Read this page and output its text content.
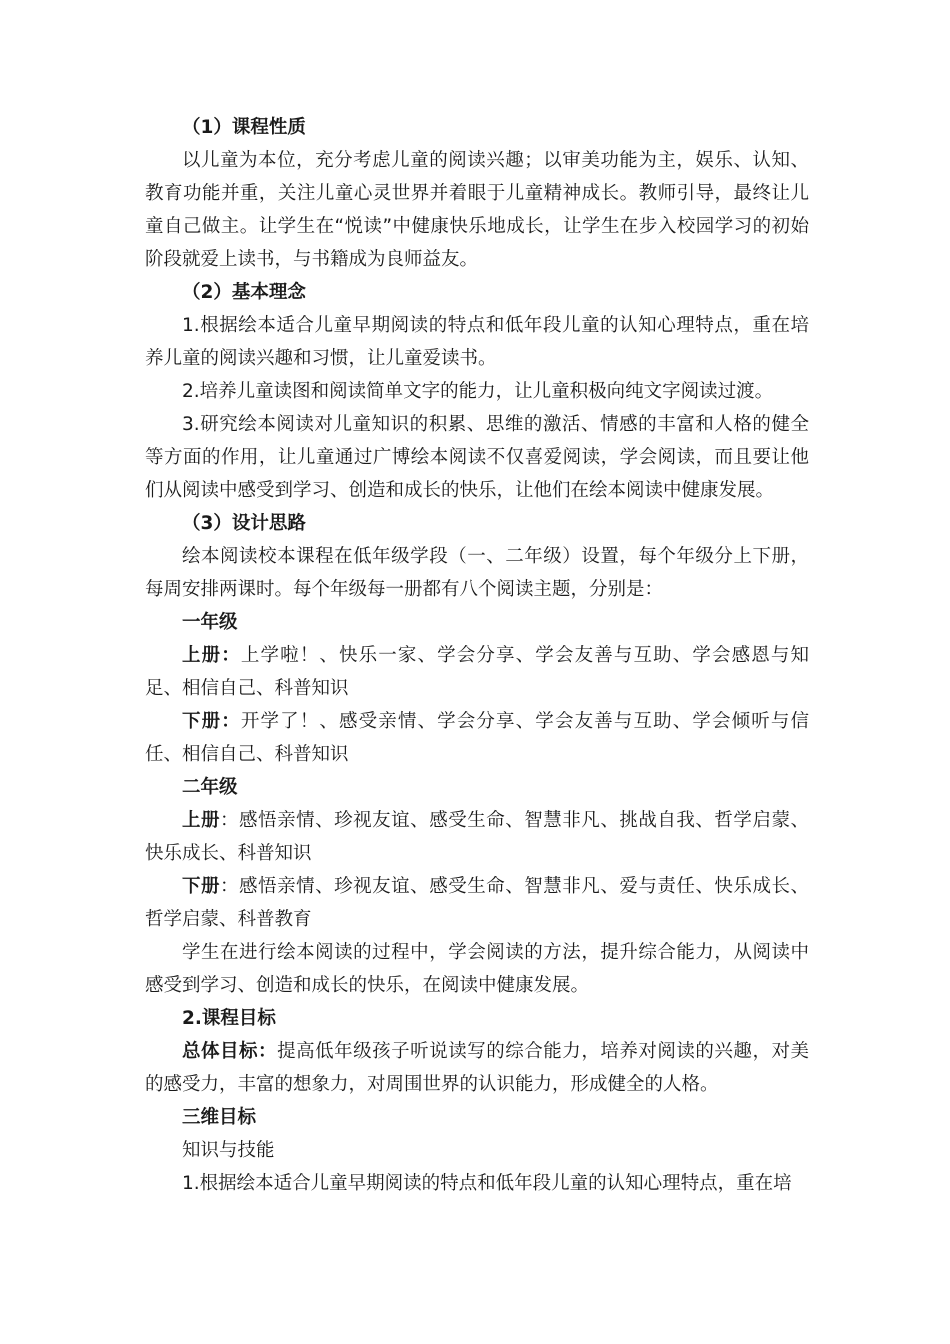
（1）课程性质

以儿童为本位，充分考虑儿童的阅读兴趣；以审美功能为主，娱乐、认知、教育功能并重，关注儿童心灵世界并着眼于儿童精神成长。教师引导，最终让儿童自己做主。让学生在“悦读”中健康快乐地成长，让学生在步入校园学习的初始阶段就爱上读书，与书籍成为良师益友。

（2）基本理念

1.根据绘本适合儿童早期阅读的特点和低年段儿童的认知心理特点，重在培养儿童的阅读兴趣和习惯，让儿童爱读书。

2.培养儿童读图和阅读简单文字的能力，让儿童积极向纯文字阅读过渡。

3.研究绘本阅读对儿童知识的积累、思维的激活、情感的丰富和人格的健全等方面的作用，让儿童通过广博绘本阅读不仅喜爱阅读，学会阅读，而且要让他们从阅读中感受到学习、创造和成长的快乐，让他们在绘本阅读中健康发展。

（3）设计思路

绘本阅读校本课程在低年级学段（一、二年级）设置，每个年级分上下册，每周安排两课时。每个年级每一册都有八个阅读主题，分别是：

一年级

上册：上学啦！、快乐一家、学会分享、学会友善与互助、学会感恩与知足、相信自己、科普知识

下册：开学了！、感受亲情、学会分享、学会友善与互助、学会倾听与信任、相信自己、科普知识

二年级

上册：感悟亲情、珍视友谊、感受生命、智慧非凡、挑战自我、哲学启蒙、快乐成长、科普知识

下册：感悟亲情、珍视友谊、感受生命、智慧非凡、爱与责任、快乐成长、哲学启蒙、科普教育

学生在进行绘本阅读的过程中，学会阅读的方法，提升综合能力，从阅读中感受到学习、创造和成长的快乐，在阅读中健康发展。

2.课程目标

总体目标：提高低年级孩子听说读写的综合能力，培养对阅读的兴趣，对美的感受力，丰富的想象力，对周围世界的认识能力，形成健全的人格。

三维目标

知识与技能

1.根据绘本适合儿童早期阅读的特点和低年段儿童的认知心理特点，重在培
